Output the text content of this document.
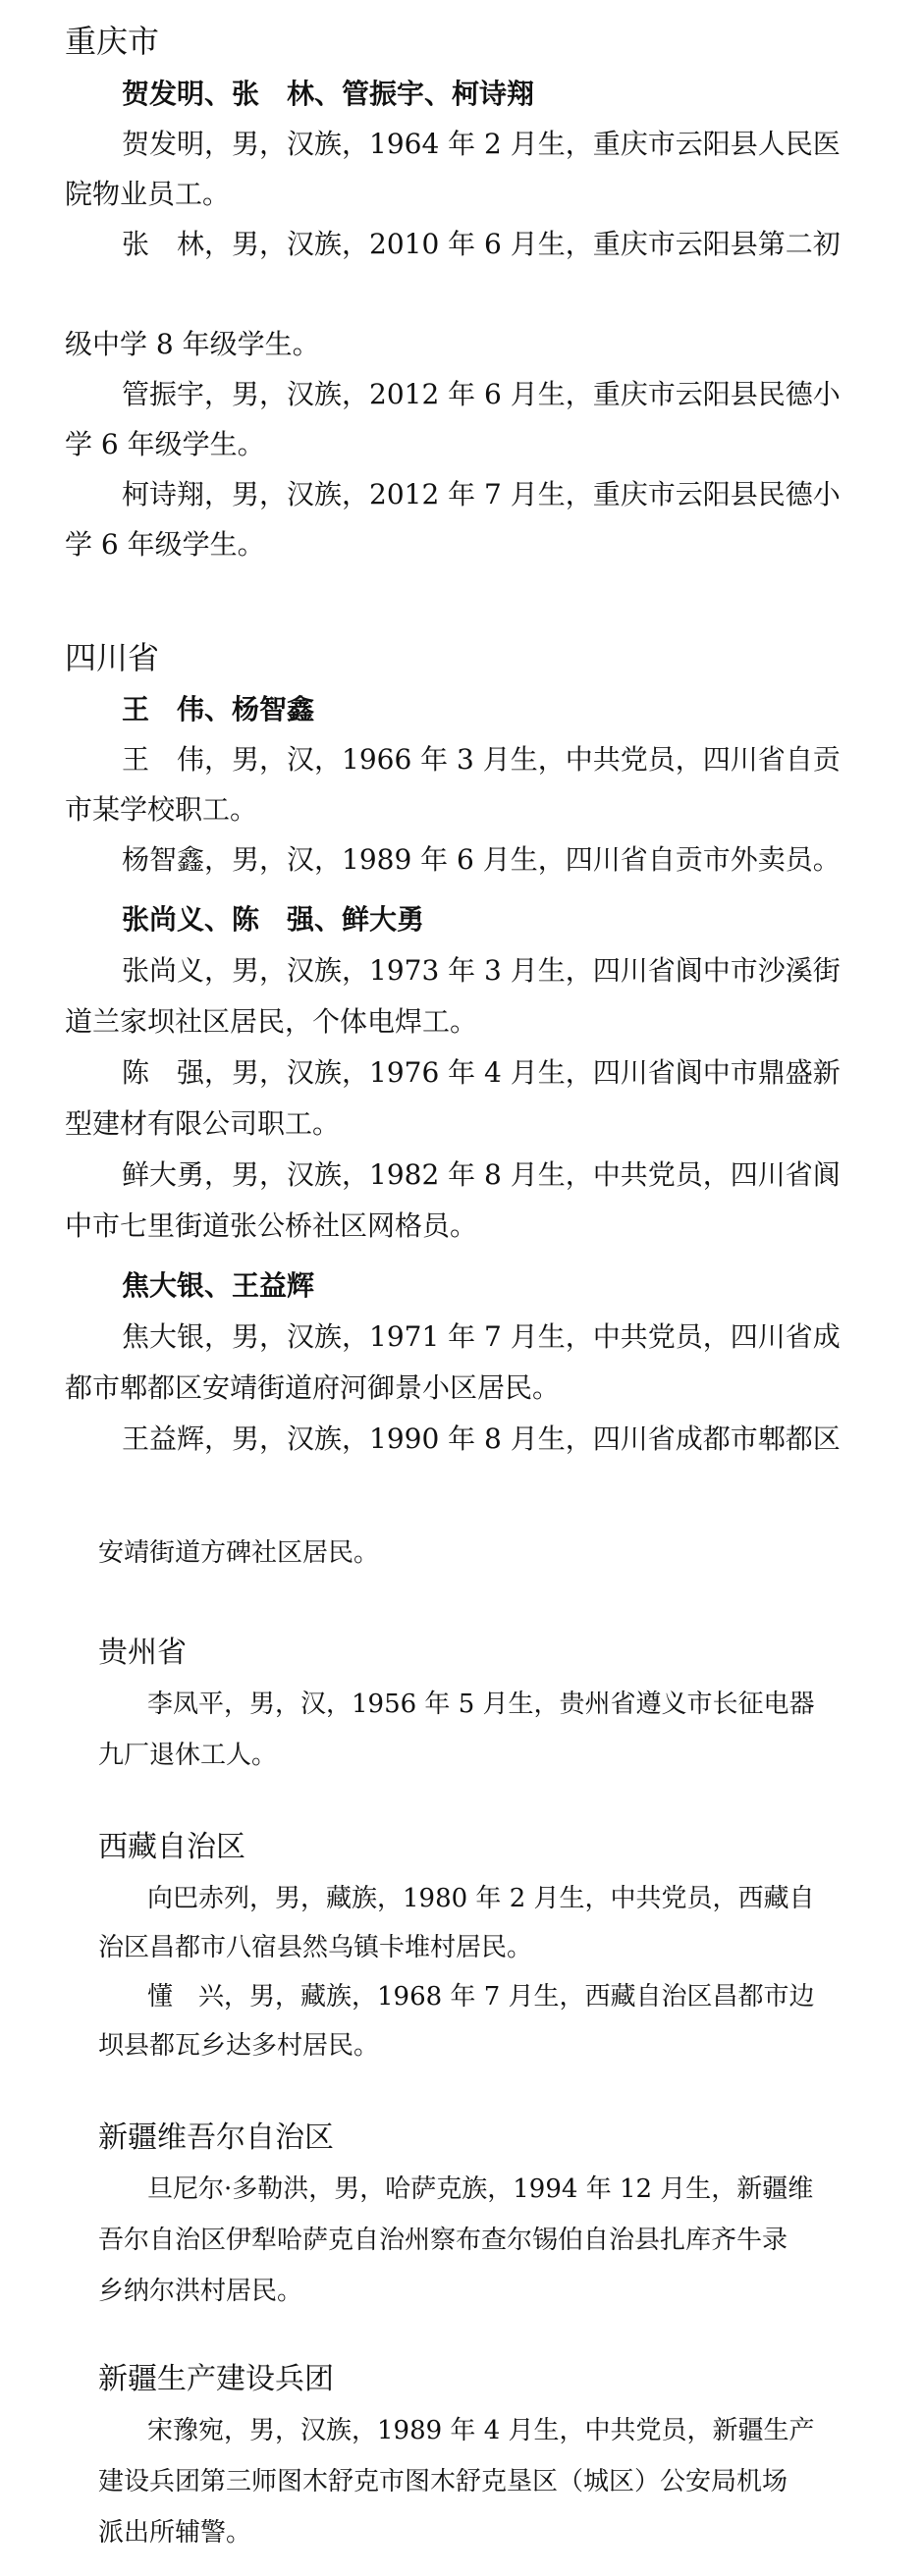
重庆市
贺发明、张　林、管振宇、柯诗翔
贺发明，男，汉族，1964 年 2 月生，重庆市云阳县人民医
院物业员工。
张　林，男，汉族，2010 年 6 月生，重庆市云阳县第二初
级中学 8 年级学生。
管振宇，男，汉族，2012 年 6 月生，重庆市云阳县民德小
学 6 年级学生。
柯诗翔，男，汉族，2012 年 7 月生，重庆市云阳县民德小
学 6 年级学生。
四川省
王　伟、杨智鑫
王　伟，男，汉，1966 年 3 月生，中共党员，四川省自贡
市某学校职工。
杨智鑫，男，汉，1989 年 6 月生，四川省自贡市外卖员。
张尚义、陈　强、鲜大勇
张尚义，男，汉族，1973 年 3 月生，四川省阆中市沙溪街
道兰家坝社区居民，个体电焊工。
陈　强，男，汉族，1976 年 4 月生，四川省阆中市鼎盛新
型建材有限公司职工。
鲜大勇，男，汉族，1982 年 8 月生，中共党员，四川省阆
中市七里街道张公桥社区网格员。
焦大银、王益辉
焦大银，男，汉族，1971 年 7 月生，中共党员，四川省成
都市郫都区安靖街道府河御景小区居民。
王益辉，男，汉族，1990 年 8 月生，四川省成都市郫都区
安靖街道方碑社区居民。
贵州省
李凤平，男，汉，1956 年 5 月生，贵州省遵义市长征电器
九厂退休工人。
西藏自治区
向巴赤列，男，藏族，1980 年 2 月生，中共党员，西藏自
治区昌都市八宿县然乌镇卡堆村居民。
懂　兴，男，藏族，1968 年 7 月生，西藏自治区昌都市边
坝县都瓦乡达多村居民。
新疆维吾尔自治区
旦尼尔·多勒洪，男，哈萨克族，1994 年 12 月生，新疆维
吾尔自治区伊犁哈萨克自治州察布查尔锡伯自治县扎库齐牛录
乡纳尔洪村居民。
新疆生产建设兵团
宋豫宛，男，汉族，1989 年 4 月生，中共党员，新疆生产
建设兵团第三师图木舒克市图木舒克垦区（城区）公安局机场
派出所辅警。
